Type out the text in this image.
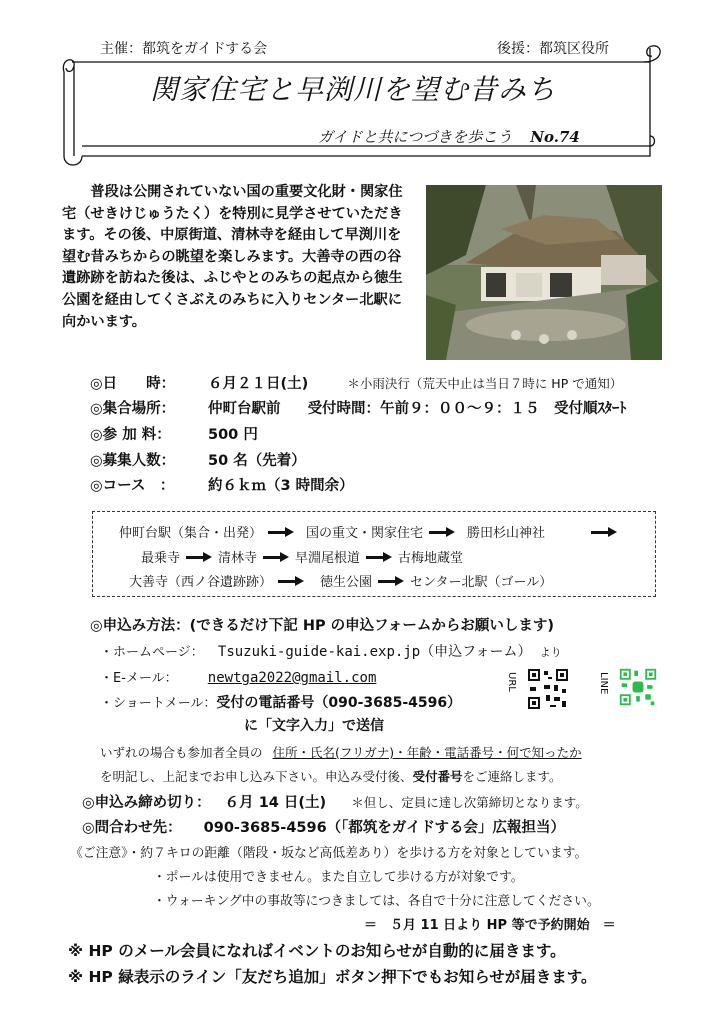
主催：都筑をガイドする会	後援：都筑区役所
関家住宅と早渕川を望む昔みち
ガイドと共につづきを歩こう No.74
普段は公開されていない国の重要文化財・関家住宅（せきけじゅうたく）を特別に見学させていただきます。その後、中原街道、清林寺を経由して早渕川を望む昔みちからの眺望を楽しみます。大善寺の西の谷遺跡跡を訪ねた後は、ふじやとのみちの起点から徳生公園を経由してくさぶえのみちに入りセンター北駅に向かいます。
◎日　　時： ６月２１日(土)	＊小雨決行（荒天中止は当日７時に HP で通知）
◎集合場所： 仲町台駅前 受付時間：午前９：００〜９：１５　受付順ｽﾀｰﾄ
◎参 加 料：	500 円
◎募集人数： 50 名（先着）
◎コース　： 約６ｋｍ（3 時間余）
仲町台駅（集合・出発）	国の重文・関家住宅	勝田杉山神社
最乗寺	清林寺	早淵尾根道	古梅地蔵堂
大善寺（西ノ谷遺跡跡）	徳生公園	センター北駅（ゴール）
◎申込み方法：(できるだけ下記 HP の申込フォームからお願いします)
・ホームページ： Tsuzuki-guide-kai.exp.jp（申込フォーム） より
・E-メール： newtga2022@gmail.com
・ショートメール：受付の電話番号（090-3685-4596）
に「文字入力」で送信
URL	LINE
いずれの場合も参加者全員の 住所・氏名(フリガナ)・年齢・電話番号・何で知ったか
を明記し、上記までお申し込み下さい。申込み受付後、受付番号をご連絡します。
◎申込み締め切り： ６月 14 日(土) ＊但し、定員に達し次第締切となります。
◎問合わせ先： 090-3685-4596（「都筑をガイドする会」広報担当）
《ご注意》・約７キロの距離（階段・坂など高低差あり）を歩ける方を対象としています。
・ポールは使用できません。また自立して歩ける方が対象です。
・ウォーキング中の事故等につきましては、各自で十分に注意してください。
＝　５月 11 日より HP 等で予約開始　＝
※ HP のメール会員になればイベントのお知らせが自動的に届きます。
※ HP 緑表示のライン「友だち追加」ボタン押下でもお知らせが届きます。
